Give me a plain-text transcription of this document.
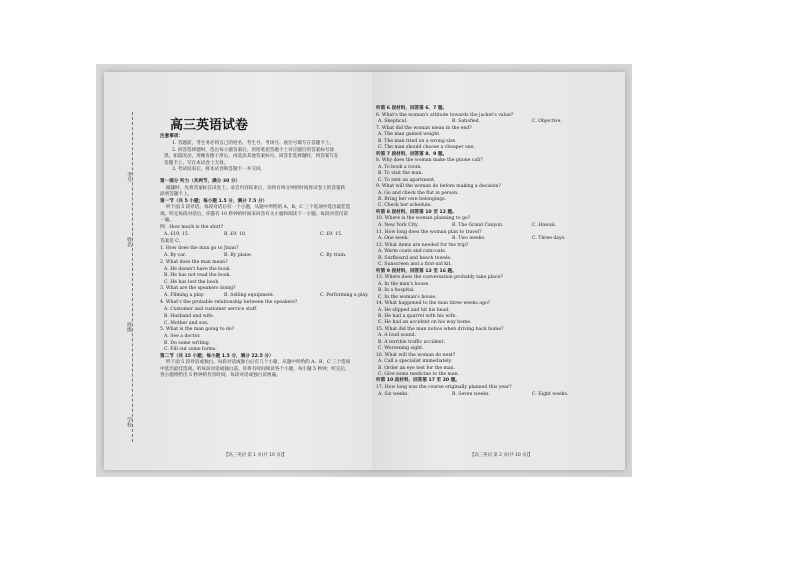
考号
姓名
班级
学校
高三英语试卷
注意事项：
1. 答题前，考生务必将自己的姓名、考生号、考场号、座位号填写在答题卡上。
2. 回答选择题时，选出每小题答案后，用铅笔把答题卡上对应题目的答案标号涂
黑。如需改动，用橡皮擦干净后，再选涂其他答案标号。回答非选择题时，将答案写在
答题卡上。写在本试卷上无效。
3. 考试结束后，将本试卷和答题卡一并交回。
第一部分 听力（共两节，满分 30 分）
做题时，先将答案标在试卷上。录音内容结束后，你将有两分钟的时间将试卷上的答案转
涂到答题卡上。
第一节（共 5 小题；每小题 1.5 分，满分 7.5 分）
听下面 5 段对话。每段对话后有一个小题，从题中所给的 A、B、C 三个选项中选出最佳选
项。听完每段对话后，你都有 10 秒钟的时间来回答有关小题和阅读下一小题。每段对话仅读
一遍。
例：How much is the shirt?
A. £19. 15.	B. £9. 18.	C. £9. 15.
答案是 C。
1. How does the man go to Jinan?
A. By car.	B. By plane.	C. By train.
2. What does the man mean?
A. He doesn't have the book.
B. He has not read the book.
C. He has lost the book.
3. What are the speakers doing?
A. Filming a play.	B. Selling equipment.	C. Performing a play.
4. What's the probable relationship between the speakers?
A. Customer and customer service staff.
B. Husband and wife.
C. Mother and son.
5. What is the man going to do?
A. See a doctor.
B. Do some writing.
C. Fill out some forms.
第二节（共 15 小题；每小题 1.5 分，满分 22.5 分）
听下面 5 段对话或独白。每段对话或独白后有几个小题，从题中所给的 A、B、C 三个选项
中选出最佳选项。听每段对话或独白前，你将有时间阅读各个小题，每小题 5 秒钟；听完后，
各小题将给出 5 秒钟的作答时间。每段对话或独白读两遍。
【高三英语 第 1 页(共 10 页)】
听第 6 段材料，回答第 6、7 题。
6. What's the woman's attitude towards the jacket's value?
A. Skeptical.	B. Satisfied.	C. Objective.
7. What did the woman mean in the end?
A. The man gained weight.
B. The man tried on a wrong size.
C. The man should choose a cheaper one.
听第 7 段材料，回答第 8、9 题。
8. Why does the woman make the phone call?
A. To book a room.
B. To visit the man.
C. To rent an apartment.
9. What will the woman do before making a decision?
A. Go and check the flat in person.
B. Bring her own belongings.
C. Check her schedule.
听第 8 段材料，回答第 10 至 12 题。
10. Where is the woman planning to go?
A. New York City.	B. The Grand Canyon.	C. Hawaii.
11. How long does the woman plan to travel?
A. One week.	B. Two weeks.	C. Three days.
12. What items are needed for the trip?
A. Warm coats and raincoats.
B. Surfboard and beach towels.
C. Sunscreen and a first-aid kit.
听第 9 段材料，回答第 13 至 16 题。
13. Where does the conversation probably take place?
A. In the man's house.
B. In a hospital.
C. In the woman's house.
14. What happened to the man three weeks ago?
A. He slipped and hit his head.
B. He had a quarrel with his wife.
C. He had an accident on his way home.
15. What did the man notice when driving back home?
A. A loud sound.
B. A terrible traffic accident.
C. Worsening sight.
16. What will the woman do next?
A. Call a specialist immediately.
B. Order an eye test for the man.
C. Give some medicine to the man.
听第 10 段材料，回答第 17 至 20 题。
17. How long was the course originally planned this year?
A. Six weeks.	B. Seven weeks.	C. Eight weeks.
【高三英语 第 2 页(共 10 页)】
